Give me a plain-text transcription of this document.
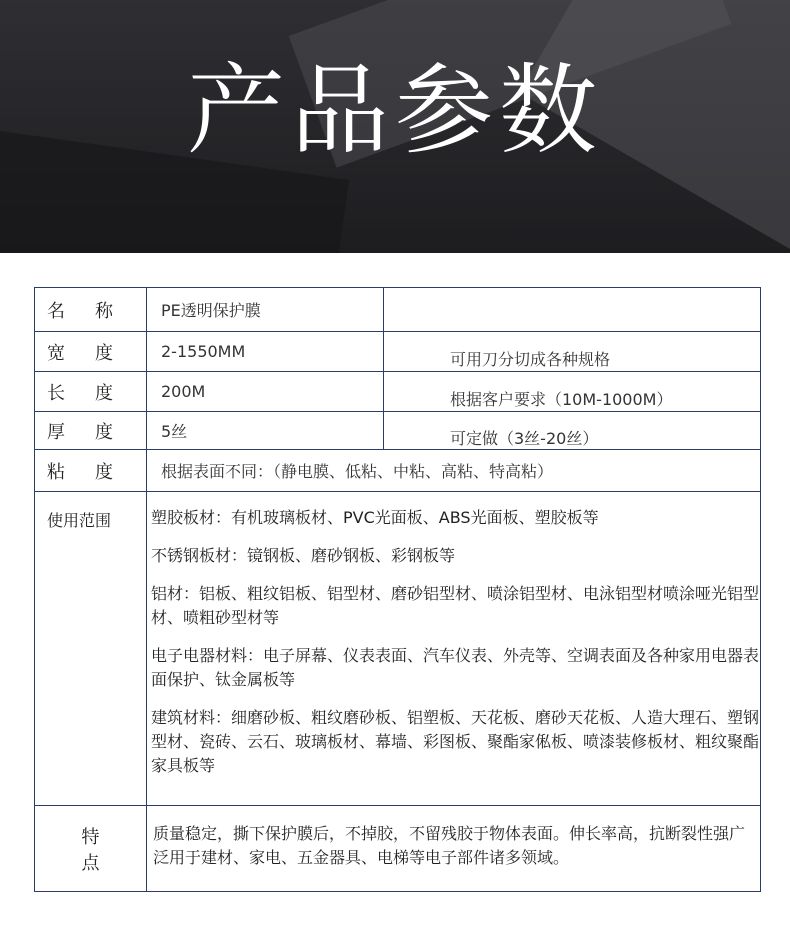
产品参数
名称	PE透明保护膜	
宽度	2-1550MM	可用刀分切成各种规格
长度	200M	根据客户要求（10M-1000M）
厚度	5丝	可定做（3丝-20丝）
粘度	根据表面不同：（静电膜、低粘、中粘、高粘、特高粘）	
使用范围	塑胶板材：有机玻璃板材、PVC光面板、ABS光面板、塑胶板等

不锈钢板材：镜钢板、磨砂钢板、彩钢板等

铝材：铝板、粗纹铝板、铝型材、磨砂铝型材、喷涂铝型材、电泳铝型材喷涂哑光铝型材、喷粗砂型材等

电子电器材料：电子屏幕、仪表表面、汽车仪表、外壳等、空调表面及各种家用电器表面保护、钛金属板等

建筑材料：细磨砂板、粗纹磨砂板、铝塑板、天花板、磨砂天花板、人造大理石、塑钢型材、瓷砖、云石、玻璃板材、幕墙、彩图板、聚酯家俬板、喷漆装修板材、粗纹聚酯家具板等	

特点	质量稳定，撕下保护膜后，不掉胶，不留残胶于物体表面。伸长率高，抗断裂性强广泛用于建材、家电、五金器具、电梯等电子部件诸多领域。	
